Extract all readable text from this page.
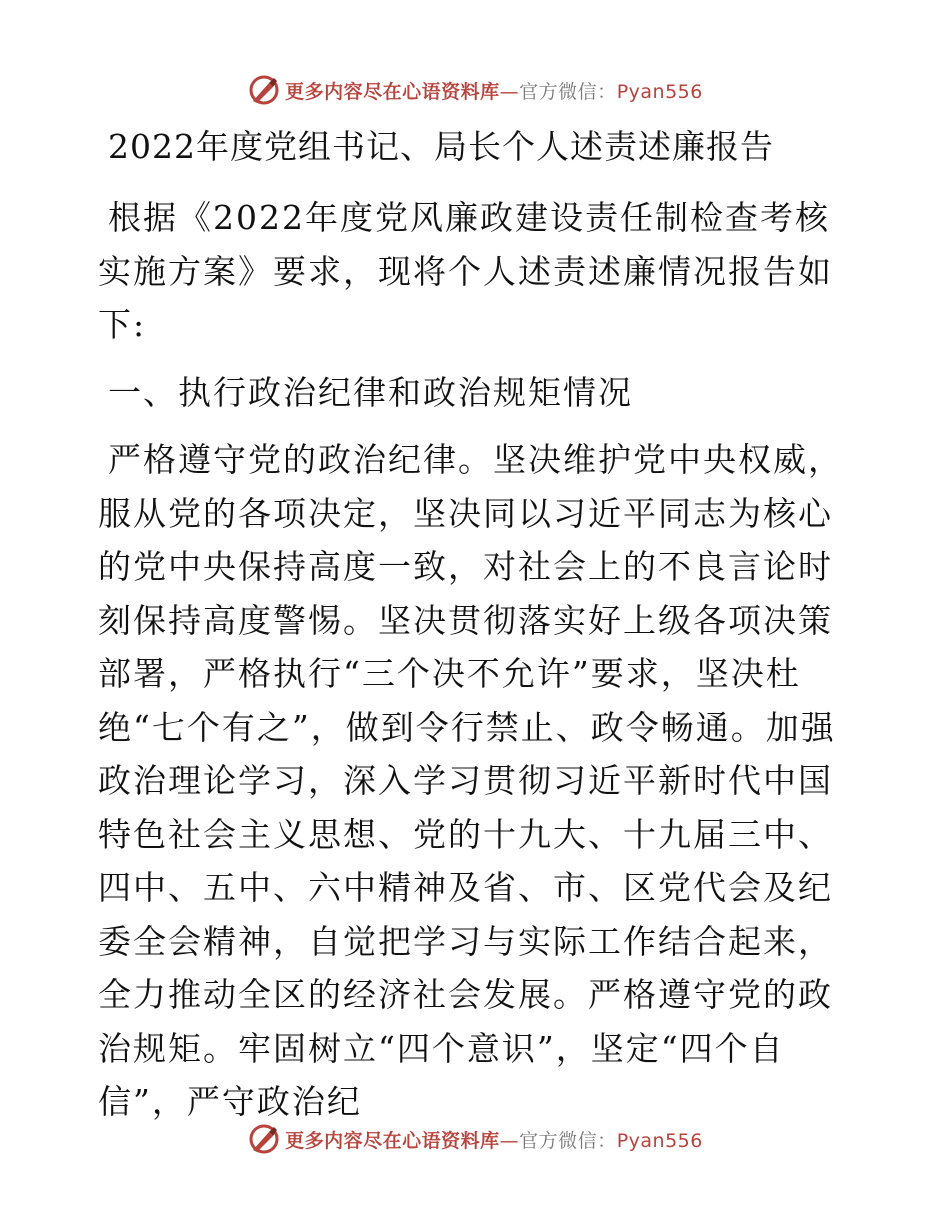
更多内容尽在心语资料库—官方微信：Pyan556
2022年度党组书记、局长个人述责述廉报告

根据《2022年度党风廉政建设责任制检查考核实施方案》要求，现将个人述责述廉情况报告如下:

一、执行政治纪律和政治规矩情况

严格遵守党的政治纪律。坚决维护党中央权威，服从党的各项决定，坚决同以习近平同志为核心的党中央保持高度一致，对社会上的不良言论时刻保持高度警惕。坚决贯彻落实好上级各项决策部署，严格执行“三个决不允许”要求，坚决杜绝“七个有之”，做到令行禁止、政令畅通。加强政治理论学习，深入学习贯彻习近平新时代中国特色社会主义思想、党的十九大、十九届三中、四中、五中、六中精神及省、市、区党代会及纪委全会精神，自觉把学习与实际工作结合起来，全力推动全区的经济社会发展。严格遵守党的政治规矩。牢固树立“四个意识”，坚定“四个自信”，严守政治纪

更多内容尽在心语资料库—官方微信：Pyan556
